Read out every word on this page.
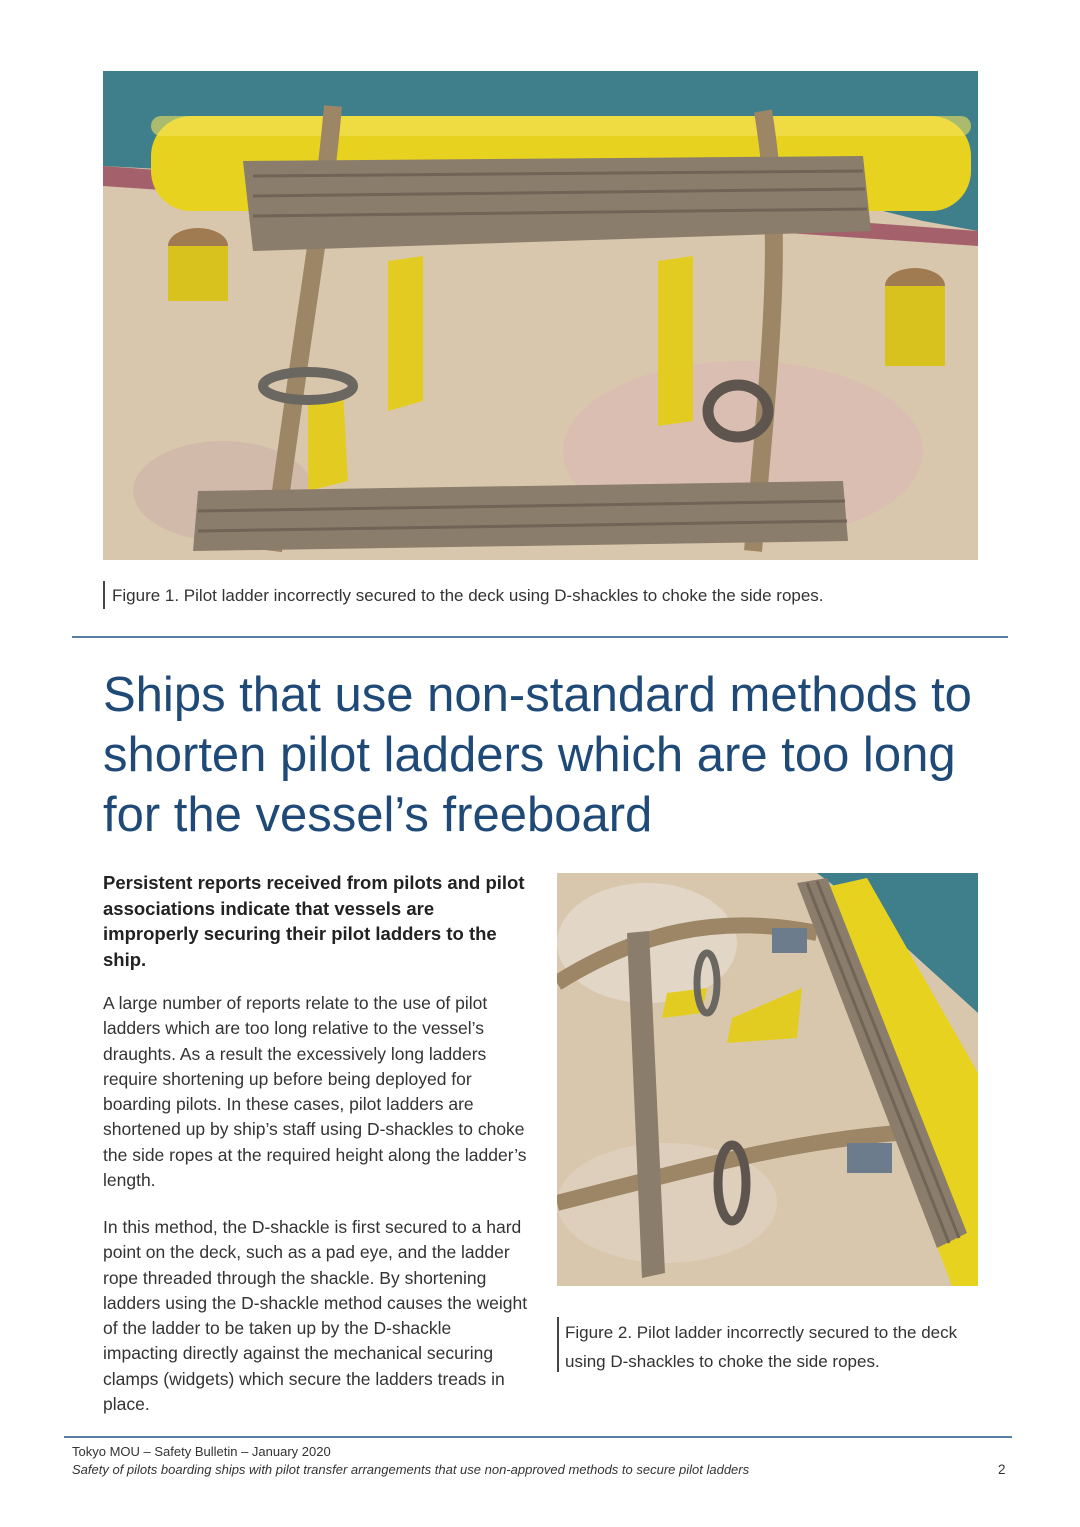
Figure 1. Pilot ladder incorrectly secured to the deck using D-shackles to choke the side ropes.
Ships that use non-standard methods to shorten pilot ladders which are too long for the vessel’s freeboard

Persistent reports received from pilots and pilot associations indicate that vessels are improperly securing their pilot ladders to the ship.

A large number of reports relate to the use of pilot ladders which are too long relative to the vessel’s draughts. As a result the excessively long ladders require shortening up before being deployed for boarding pilots. In these cases, pilot ladders are shortened up by ship’s staff using D-shackles to choke the side ropes at the required height along the ladder’s length.

In this method, the D-shackle is first secured to a hard point on the deck, such as a pad eye, and the ladder rope threaded through the shackle. By shortening ladders using the D-shackle method causes the weight of the ladder to be taken up by the D-shackle impacting directly against the mechanical securing clamps (widgets) which secure the ladders treads in place.

Figure 2. Pilot ladder incorrectly secured to the deck using D-shackles to choke the side ropes.
Tokyo MOU – Safety Bulletin – January 2020
Safety of pilots boarding ships with pilot transfer arrangements that use non-approved methods to secure pilot ladders	2
